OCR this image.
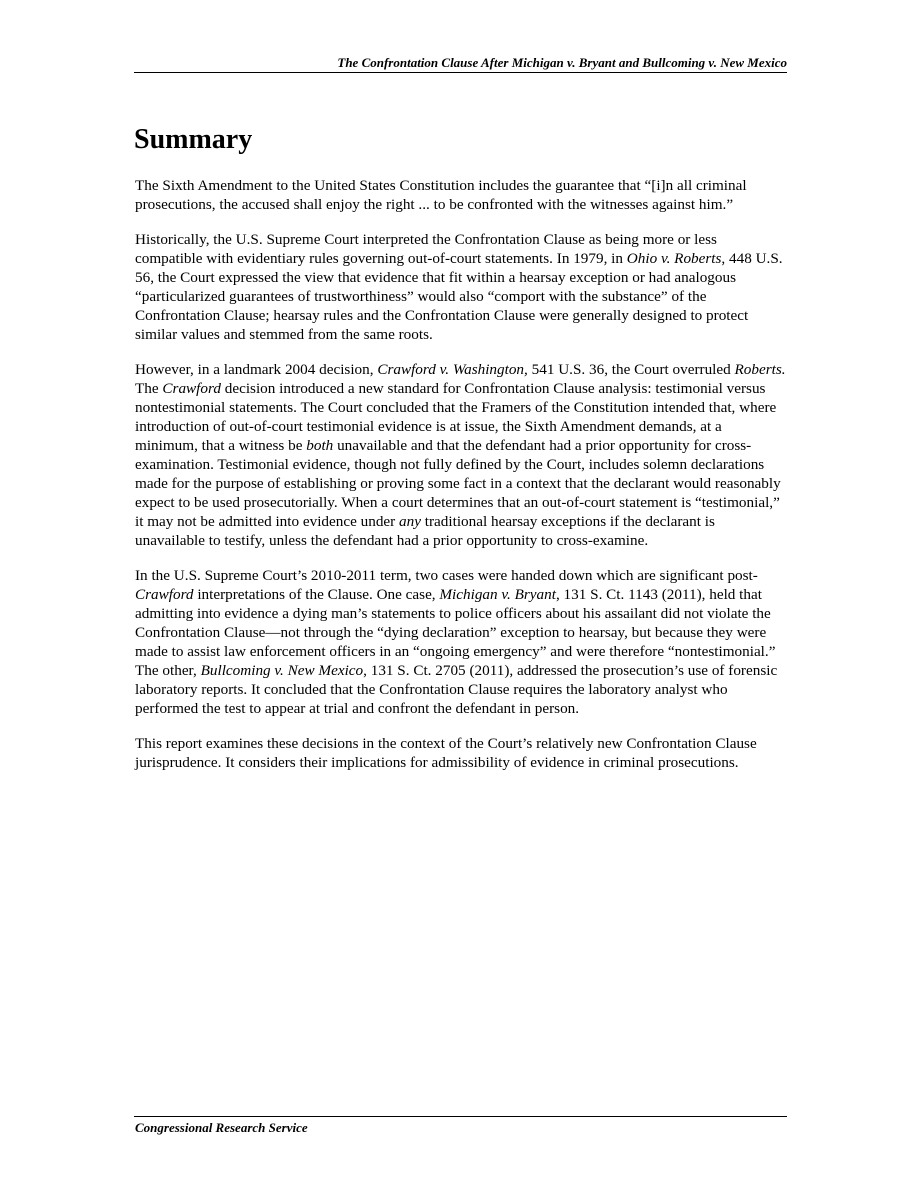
The Confrontation Clause After Michigan v. Bryant and Bullcoming v. New Mexico
Summary

The Sixth Amendment to the United States Constitution includes the guarantee that “[i]n all criminal prosecutions, the accused shall enjoy the right ... to be confronted with the witnesses against him.”

Historically, the U.S. Supreme Court interpreted the Confrontation Clause as being more or less compatible with evidentiary rules governing out-of-court statements. In 1979, in Ohio v. Roberts, 448 U.S. 56, the Court expressed the view that evidence that fit within a hearsay exception or had analogous “particularized guarantees of trustworthiness” would also “comport with the substance” of the Confrontation Clause; hearsay rules and the Confrontation Clause were generally designed to protect similar values and stemmed from the same roots.

However, in a landmark 2004 decision, Crawford v. Washington, 541 U.S. 36, the Court overruled Roberts. The Crawford decision introduced a new standard for Confrontation Clause analysis: testimonial versus nontestimonial statements. The Court concluded that the Framers of the Constitution intended that, where introduction of out-of-court testimonial evidence is at issue, the Sixth Amendment demands, at a minimum, that a witness be both unavailable and that the defendant had a prior opportunity for cross-examination. Testimonial evidence, though not fully defined by the Court, includes solemn declarations made for the purpose of establishing or proving some fact in a context that the declarant would reasonably expect to be used prosecutorially. When a court determines that an out-of-court statement is “testimonial,” it may not be admitted into evidence under any traditional hearsay exceptions if the declarant is unavailable to testify, unless the defendant had a prior opportunity to cross-examine.

In the U.S. Supreme Court’s 2010-2011 term, two cases were handed down which are significant post-Crawford interpretations of the Clause. One case, Michigan v. Bryant, 131 S. Ct. 1143 (2011), held that admitting into evidence a dying man’s statements to police officers about his assailant did not violate the Confrontation Clause—not through the “dying declaration” exception to hearsay, but because they were made to assist law enforcement officers in an “ongoing emergency” and were therefore “nontestimonial.” The other, Bullcoming v. New Mexico, 131 S. Ct. 2705 (2011), addressed the prosecution’s use of forensic laboratory reports. It concluded that the Confrontation Clause requires the laboratory analyst who performed the test to appear at trial and confront the defendant in person.

This report examines these decisions in the context of the Court’s relatively new Confrontation Clause jurisprudence. It considers their implications for admissibility of evidence in criminal prosecutions.

Congressional Research Service
